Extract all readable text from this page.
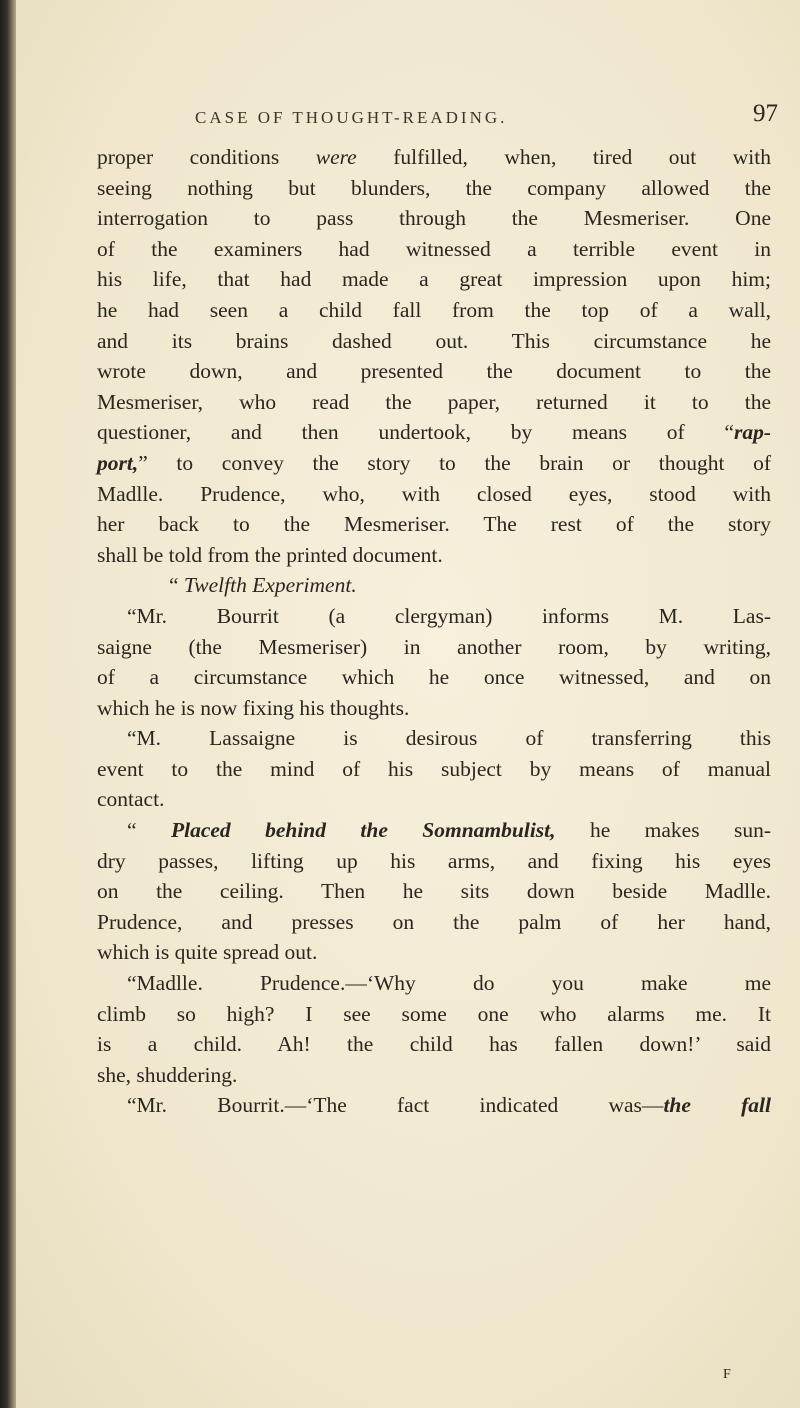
CASE OF THOUGHT-READING.	97
proper conditions were fulfilled, when, tired out with
seeing nothing but blunders, the company allowed the
interrogation to pass through the Mesmeriser. One
of the examiners had witnessed a terrible event in
his life, that had made a great impression upon him;
he had seen a child fall from the top of a wall,
and its brains dashed out. This circumstance he
wrote down, and presented the document to the
Mesmeriser, who read the paper, returned it to the
questioner, and then undertook, by means of “rap-
port,” to convey the story to the brain or thought of
Madlle. Prudence, who, with closed eyes, stood with
her back to the Mesmeriser. The rest of the story
shall be told from the printed document.
“ Twelfth Experiment.
“Mr. Bourrit (a clergyman) informs M. Las-
saigne (the Mesmeriser) in another room, by writing,
of a circumstance which he once witnessed, and on
which he is now fixing his thoughts.
“M. Lassaigne is desirous of transferring this
event to the mind of his subject by means of manual
contact.
“ Placed behind the Somnambulist, he makes sun-
dry passes, lifting up his arms, and fixing his eyes
on the ceiling. Then he sits down beside Madlle.
Prudence, and presses on the palm of her hand,
which is quite spread out.
“Madlle. Prudence.—‘Why do you make me
climb so high? I see some one who alarms me. It
is a child. Ah! the child has fallen down!’ said
she, shuddering.
“Mr. Bourrit.—‘The fact indicated was—the fall
F
